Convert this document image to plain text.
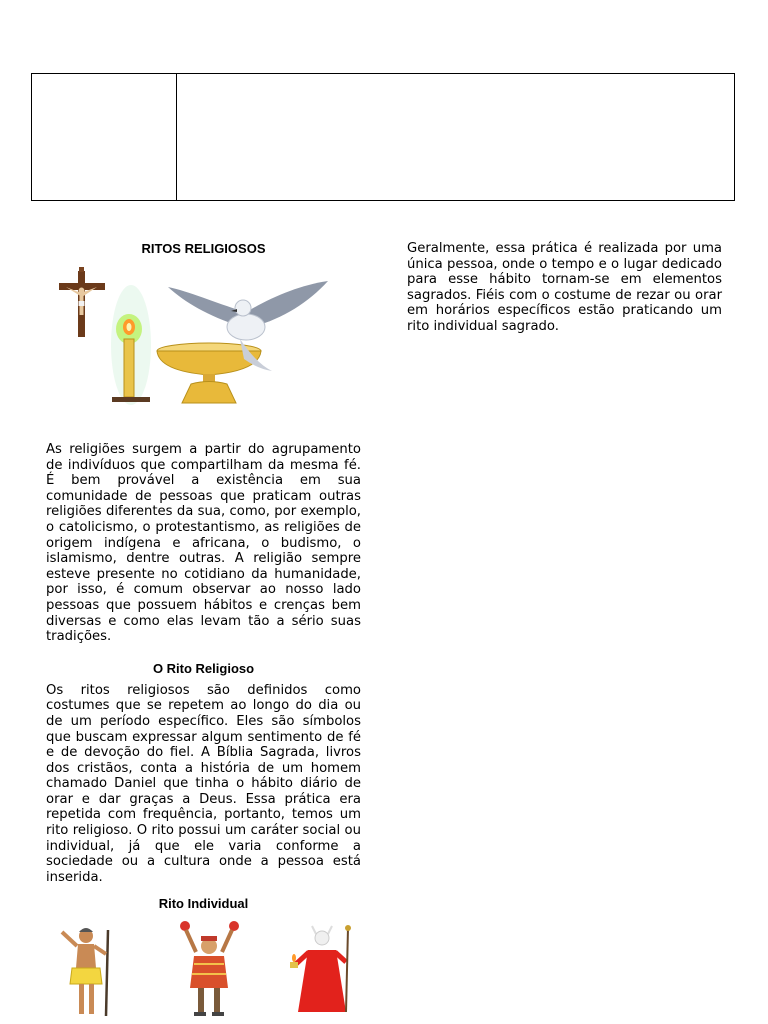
RITOS RELIGIOSOS

As religiões surgem a partir do agrupamento de indivíduos que compartilham da mesma fé. É bem provável a existência em sua comunidade de pessoas que praticam outras religiões diferentes da sua, como, por exemplo, o catolicismo, o protestantismo, as religiões de origem indígena e africana, o budismo, o islamismo, dentre outras. A religião sempre esteve presente no cotidiano da humanidade, por isso, é comum observar ao nosso lado pessoas que possuem hábitos e crenças bem diversas e como elas levam tão a sério suas tradições.

O Rito Religioso

Os ritos religiosos são definidos como costumes que se repetem ao longo do dia ou de um período específico. Eles são símbolos que buscam expressar algum sentimento de fé e de devoção do fiel. A Bíblia Sagrada, livros dos cristãos, conta a história de um homem chamado Daniel que tinha o hábito diário de orar e dar graças a Deus. Essa prática era repetida com frequência, portanto, temos um rito religioso. O rito possui um caráter social ou individual, já que ele varia conforme a sociedade ou a cultura onde a pessoa está inserida.

Rito Individual

Geralmente, essa prática é realizada por uma única pessoa, onde o tempo e o lugar dedicado para esse hábito tornam-se em elementos sagrados. Fiéis com o costume de rezar ou orar em horários específicos estão praticando um rito individual sagrado.
